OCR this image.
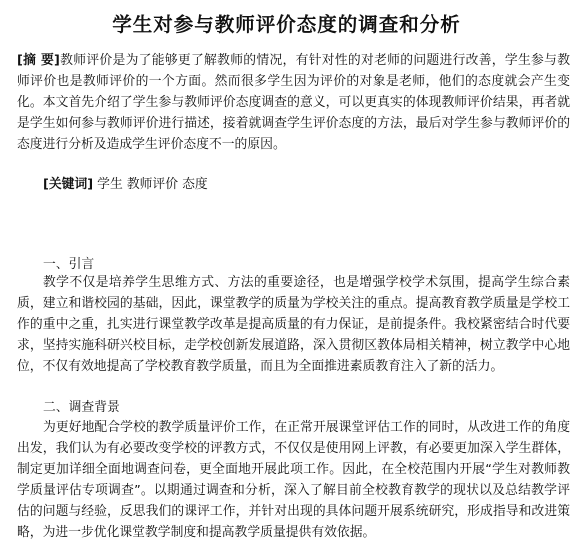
学生对参与教师评价态度的调查和分析
[摘 要]教师评价是为了能够更了解教师的情况，有针对性的对老师的问题进行改善，学生参与教师评价也是教师评价的一个方面。然而很多学生因为评价的对象是老师，他们的态度就会产生变化。本文首先介绍了学生参与教师评价态度调查的意义，可以更真实的体现教师评价结果，再者就是学生如何参与教师评价进行描述，接着就调查学生评价态度的方法，最后对学生参与教师评价的态度进行分析及造成学生评价态度不一的原因。
[关键词] 学生 教师评价 态度
一、引言
教学不仅是培养学生思维方式、方法的重要途径，也是增强学校学术氛围，提高学生综合素质，建立和谐校园的基础，因此，课堂教学的质量为学校关注的重点。提高教育教学质量是学校工作的重中之重，扎实进行课堂教学改革是提高质量的有力保证，是前提条件。我校紧密结合时代要求，坚持实施科研兴校目标，走学校创新发展道路，深入贯彻区教体局相关精神，树立教学中心地位，不仅有效地提高了学校教育教学质量，而且为全面推进素质教育注入了新的活力。
二、调查背景
为更好地配合学校的教学质量评价工作，在正常开展课堂评估工作的同时，从改进工作的角度出发，我们认为有必要改变学校的评教方式，不仅仅是使用网上评教，有必要更加深入学生群体，制定更加详细全面地调查问卷，更全面地开展此项工作。因此，在全校范围内开展“学生对教师教学质量评估专项调查”。以期通过调查和分析，深入了解目前全校教育教学的现状以及总结教学评估的问题与经验，反思我们的课评工作，并针对出现的具体问题开展系统研究，形成指导和改进策略，为进一步优化课堂教学制度和提高教学质量提供有效依据。
